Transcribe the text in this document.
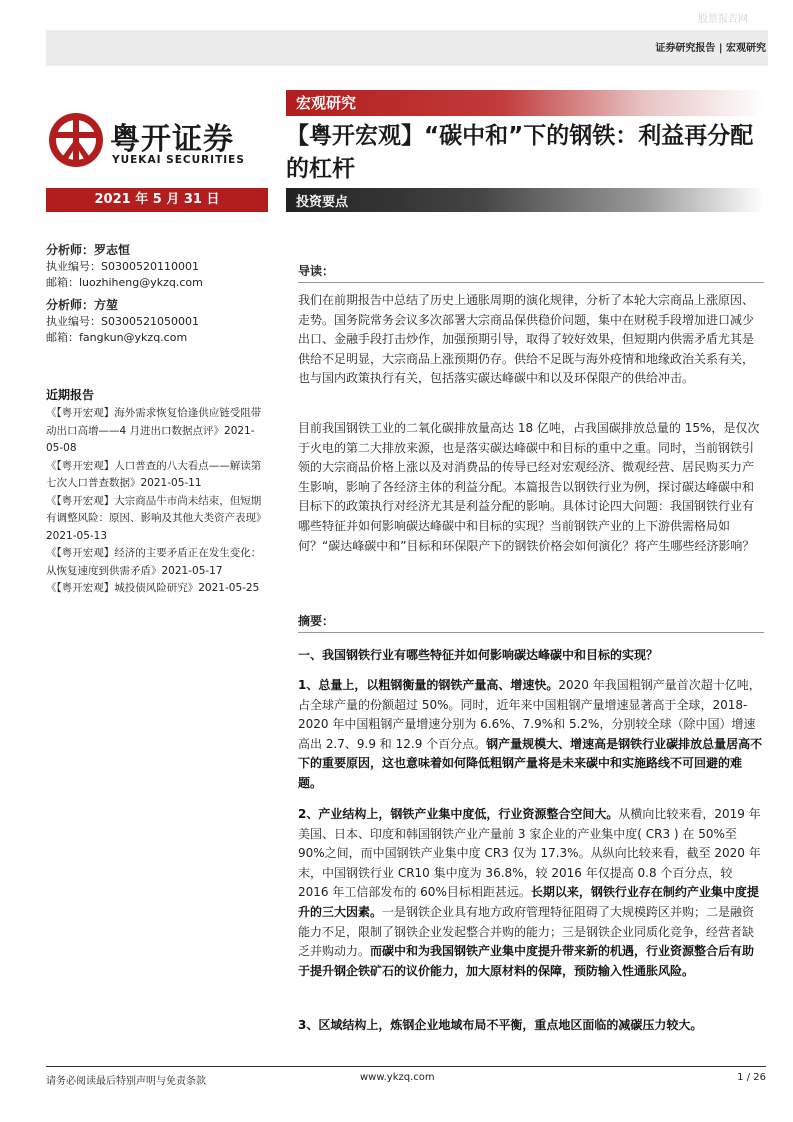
股票报告网
证券研究报告 | 宏观研究
粤开证券
YUEKAI SECURITIES
宏观研究
【粤开宏观】“碳中和”下的钢铁：利益再分配的杠杆
2021 年 5 月 31 日	投资要点
分析师：罗志恒
执业编号：S0300520110001
邮箱：luozhiheng@ykzq.com
分析师：方堃
执业编号：S0300521050001
邮箱：fangkun@ykzq.com
近期报告

《【粤开宏观】海外需求恢复恰逢供应链受阻带动出口高增——4 月进出口数据点评》2021-05-08

《【粤开宏观】人口普查的八大看点——解读第七次人口普查数据》2021-05-11

《【粤开宏观】大宗商品牛市尚未结束，但短期有调整风险：原因、影响及其他大类资产表现》2021-05-13

《【粤开宏观】经济的主要矛盾正在发生变化：从恢复速度到供需矛盾》2021-05-17

《【粤开宏观】城投债风险研究》2021-05-25

导读：

我们在前期报告中总结了历史上通胀周期的演化规律，分析了本轮大宗商品上涨原因、走势。国务院常务会议多次部署大宗商品保供稳价问题，集中在财税手段增加进口减少出口、金融手段打击炒作，加强预期引导，取得了较好效果，但短期内供需矛盾尤其是供给不足明显，大宗商品上涨预期仍存。供给不足既与海外疫情和地缘政治关系有关，也与国内政策执行有关，包括落实碳达峰碳中和以及环保限产的供给冲击。

目前我国钢铁工业的二氧化碳排放量高达 18 亿吨，占我国碳排放总量的 15%，是仅次于火电的第二大排放来源，也是落实碳达峰碳中和目标的重中之重。同时，当前钢铁引领的大宗商品价格上涨以及对消费品的传导已经对宏观经济、微观经营、居民购买力产生影响，影响了各经济主体的利益分配。本篇报告以钢铁行业为例，探讨碳达峰碳中和目标下的政策执行对经济尤其是利益分配的影响。具体讨论四大问题：我国钢铁行业有哪些特征并如何影响碳达峰碳中和目标的实现？当前钢铁产业的上下游供需格局如何？“碳达峰碳中和”目标和环保限产下的钢铁价格会如何演化？将产生哪些经济影响？

摘要：

一、我国钢铁行业有哪些特征并如何影响碳达峰碳中和目标的实现？

1、总量上，以粗钢衡量的钢铁产量高、增速快。2020 年我国粗钢产量首次超十亿吨，占全球产量的份额超过 50%。同时，近年来中国粗钢产量增速显著高于全球，2018-2020 年中国粗钢产量增速分别为 6.6%、7.9%和 5.2%，分别较全球（除中国）增速高出 2.7、9.9 和 12.9 个百分点。钢产量规模大、增速高是钢铁行业碳排放总量居高不下的重要原因，这也意味着如何降低粗钢产量将是未来碳中和实施路线不可回避的难题。

2、产业结构上，钢铁产业集中度低，行业资源整合空间大。从横向比较来看，2019 年美国、日本、印度和韩国钢铁产业产量前 3 家企业的产业集中度( CR3 ) 在 50%至 90%之间，而中国钢铁产业集中度 CR3 仅为 17.3%。从纵向比较来看，截至 2020 年末，中国钢铁行业 CR10 集中度为 36.8%，较 2016 年仅提高 0.8 个百分点，较 2016 年工信部发布的 60%目标相距甚远。长期以来，钢铁行业存在制约产业集中度提升的三大因素。一是钢铁企业具有地方政府管理特征阻碍了大规模跨区并购；二是融资能力不足，限制了钢铁企业发起整合并购的能力；三是钢铁企业同质化竞争，经营者缺乏并购动力。而碳中和为我国钢铁产业集中度提升带来新的机遇，行业资源整合后有助于提升钢企铁矿石的议价能力，加大原材料的保障，预防输入性通胀风险。

3、区域结构上，炼钢企业地域布局不平衡，重点地区面临的减碳压力较大。

请务必阅读最后特别声明与免责条款	www.ykzq.com	1 / 26
